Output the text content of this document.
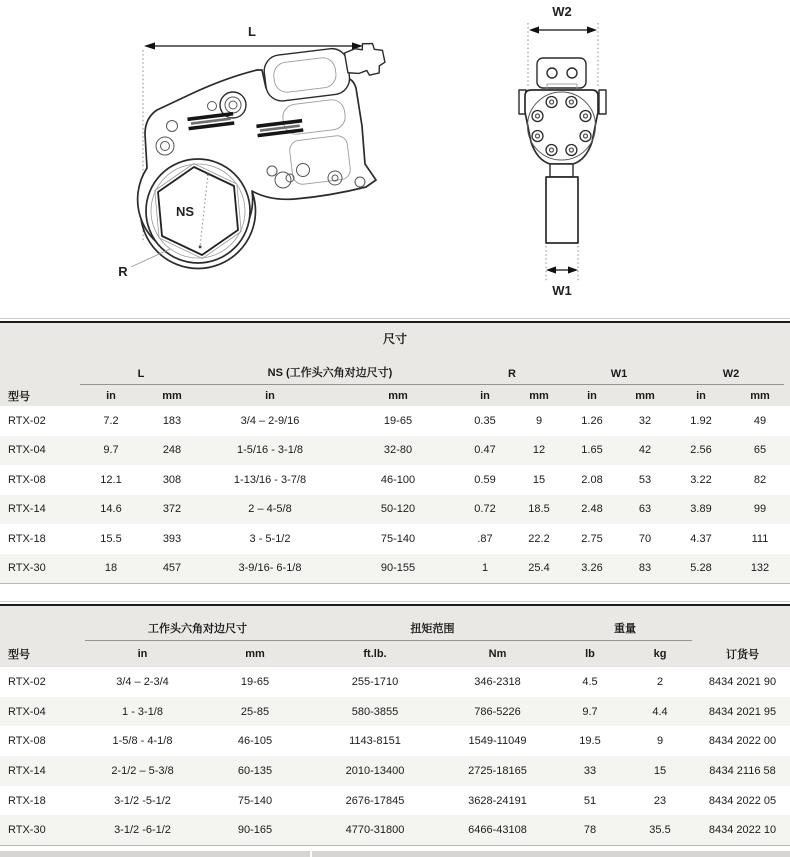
L
NS
R
W2
W1
尺寸
L	NS (工作头六角对边尺寸)	R	W1	W2
型号	in	mm	in	mm	in	mm	in	mm	in	mm
RTX-02	7.2	183	3/4 – 2-9/16	19-65	0.35	9	1.26	32	1.92	49
RTX-04	9.7	248	1-5/16 - 3-1/8	32-80	0.47	12	1.65	42	2.56	65
RTX-08	12.1	308	1-13/16 - 3-7/8	46-100	0.59	15	2.08	53	3.22	82
RTX-14	14.6	372	2 – 4-5/8	50-120	0.72	18.5	2.48	63	3.89	99
RTX-18	15.5	393	3 - 5-1/2	75-140	.87	22.2	2.75	70	4.37	111
RTX-30	18	457	3-9/16- 6-1/8	90-155	1	25.4	3.26	83	5.28	132
工作头六角对边尺寸	扭矩范围	重量
型号	in	mm	ft.lb.	Nm	lb	kg	订货号
RTX-02	3/4 – 2-3/4	19-65	255-1710	346-2318	4.5	2	8434 2021 90
RTX-04	1 - 3-1/8	25-85	580-3855	786-5226	9.7	4.4	8434 2021 95
RTX-08	1-5/8 - 4-1/8	46-105	1143-8151	1549-11049	19.5	9	8434 2022 00
RTX-14	2-1/2 – 5-3/8	60-135	2010-13400	2725-18165	33	15	8434 2116 58
RTX-18	3-1/2 -5-1/2	75-140	2676-17845	3628-24191	51	23	8434 2022 05
RTX-30	3-1/2 -6-1/2	90-165	4770-31800	6466-43108	78	35.5	8434 2022 10
